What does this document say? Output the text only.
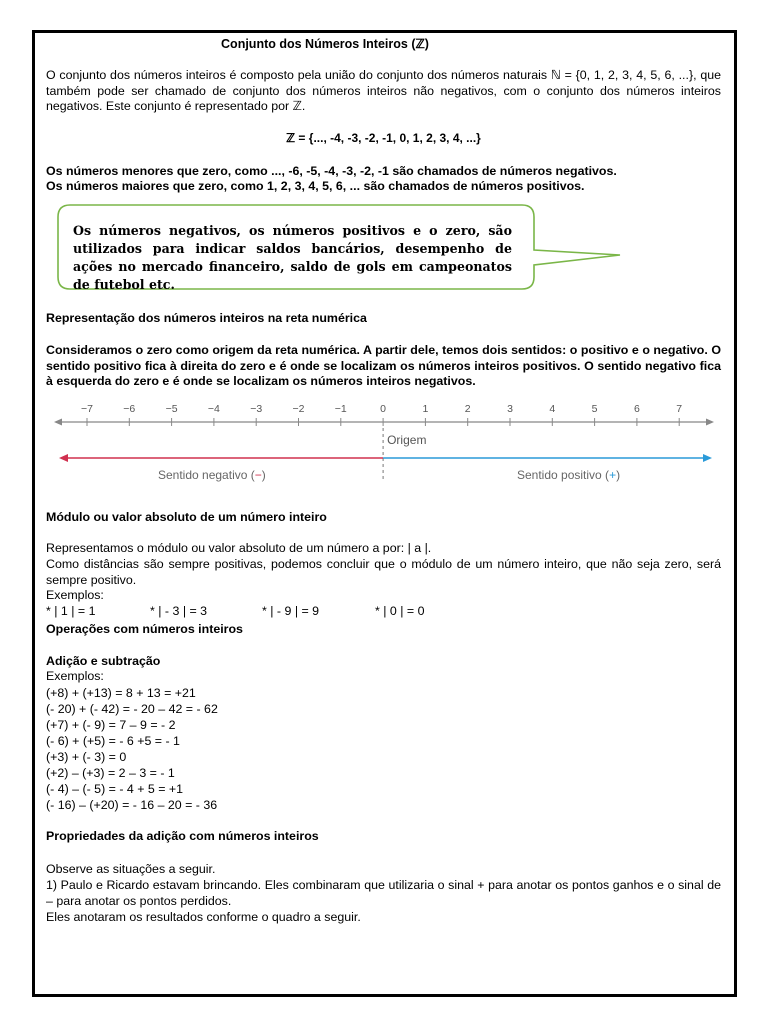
Conjunto dos Números Inteiros (ℤ)
O conjunto dos números inteiros é composto pela união do conjunto dos números naturais ℕ = {0, 1, 2, 3, 4, 5, 6, ...}, que também pode ser chamado de conjunto dos números inteiros não negativos, com o conjunto dos números inteiros negativos. Este conjunto é representado por ℤ.
ℤ = {..., -4, -3, -2, -1, 0, 1, 2, 3, 4, ...}
Os números menores que zero, como ..., -6, -5, -4, -3, -2, -1 são chamados de números negativos.
Os números maiores que zero, como 1, 2, 3, 4, 5, 6, ... são chamados de números positivos.
Os números negativos, os números positivos e o zero, são utilizados para indicar saldos bancários, desempenho de ações no mercado financeiro, saldo de gols em campeonatos de futebol etc.
Representação dos números inteiros na reta numérica
Consideramos o zero como origem da reta numérica. A partir dele, temos dois sentidos: o positivo e o negativo. O sentido positivo fica à direita do zero e é onde se localizam os números inteiros positivos. O sentido negativo fica à esquerda do zero e é onde se localizam os números inteiros negativos.
−7	−6	−5	−4	−3	−2	−1	0	1	2	3	4	5	6	7
Origem
Sentido negativo (−)	Sentido positivo (+)
Módulo ou valor absoluto de um número inteiro
Representamos o módulo ou valor absoluto de um número a por: | a |.
Como distâncias são sempre positivas, podemos concluir que o módulo de um número inteiro, que não seja zero, será sempre positivo.
Exemplos:
* | 1 | = 1	* | - 3 | = 3	* | - 9 | = 9	* | 0 | = 0
Operações com números inteiros
Adição e subtração
Exemplos:
(+8) + (+13) = 8 + 13 = +21
(- 20) + (- 42) = - 20 – 42 = - 62
(+7) + (- 9) = 7 – 9 = - 2
(- 6) + (+5) = - 6 +5 = - 1
(+3) + (- 3) = 0
(+2) – (+3) = 2 – 3 = - 1
(- 4) – (- 5) = - 4 + 5 = +1
(- 16) – (+20) = - 16 – 20 = - 36
Propriedades da adição com números inteiros
Observe as situações a seguir.
1) Paulo e Ricardo estavam brincando. Eles combinaram que utilizaria o sinal + para anotar os pontos ganhos e o sinal de – para anotar os pontos perdidos.
Eles anotaram os resultados conforme o quadro a seguir.
